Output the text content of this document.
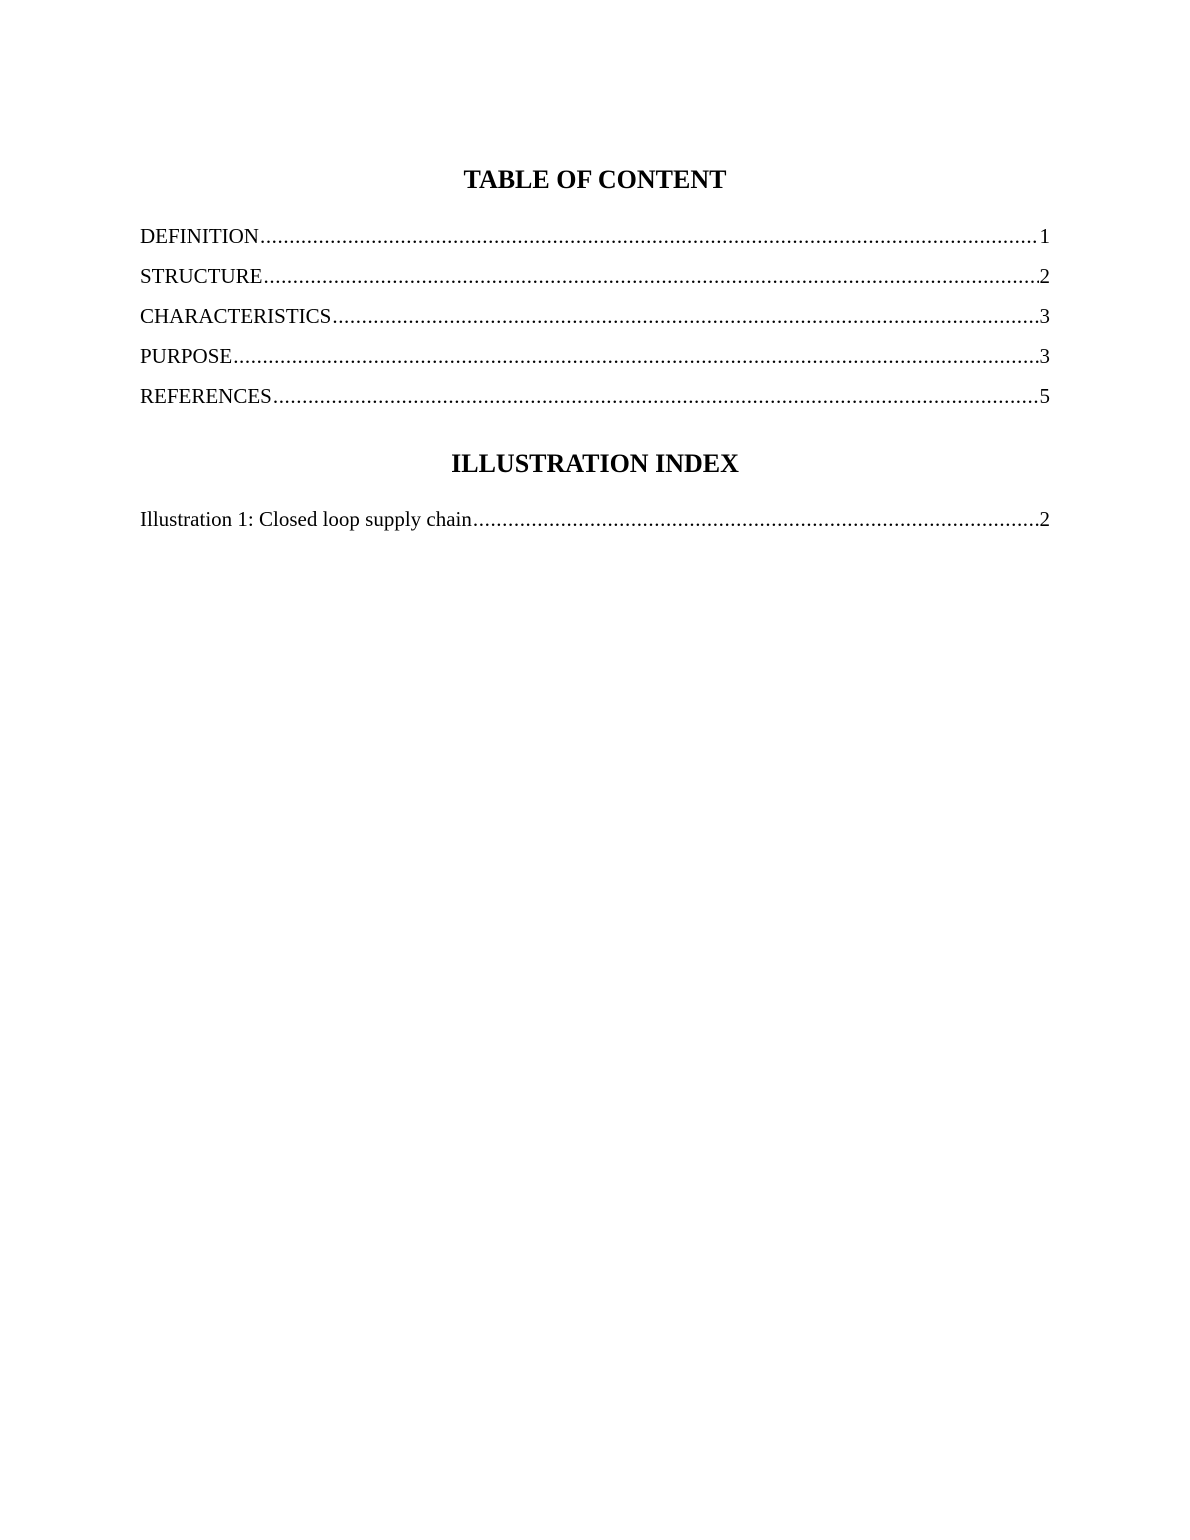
TABLE OF CONTENT
DEFINITION .....	1
STRUCTURE .....	2
CHARACTERISTICS .....	3
PURPOSE .....	3
REFERENCES .....	5
ILLUSTRATION INDEX
Illustration 1: Closed loop supply chain .....	2
